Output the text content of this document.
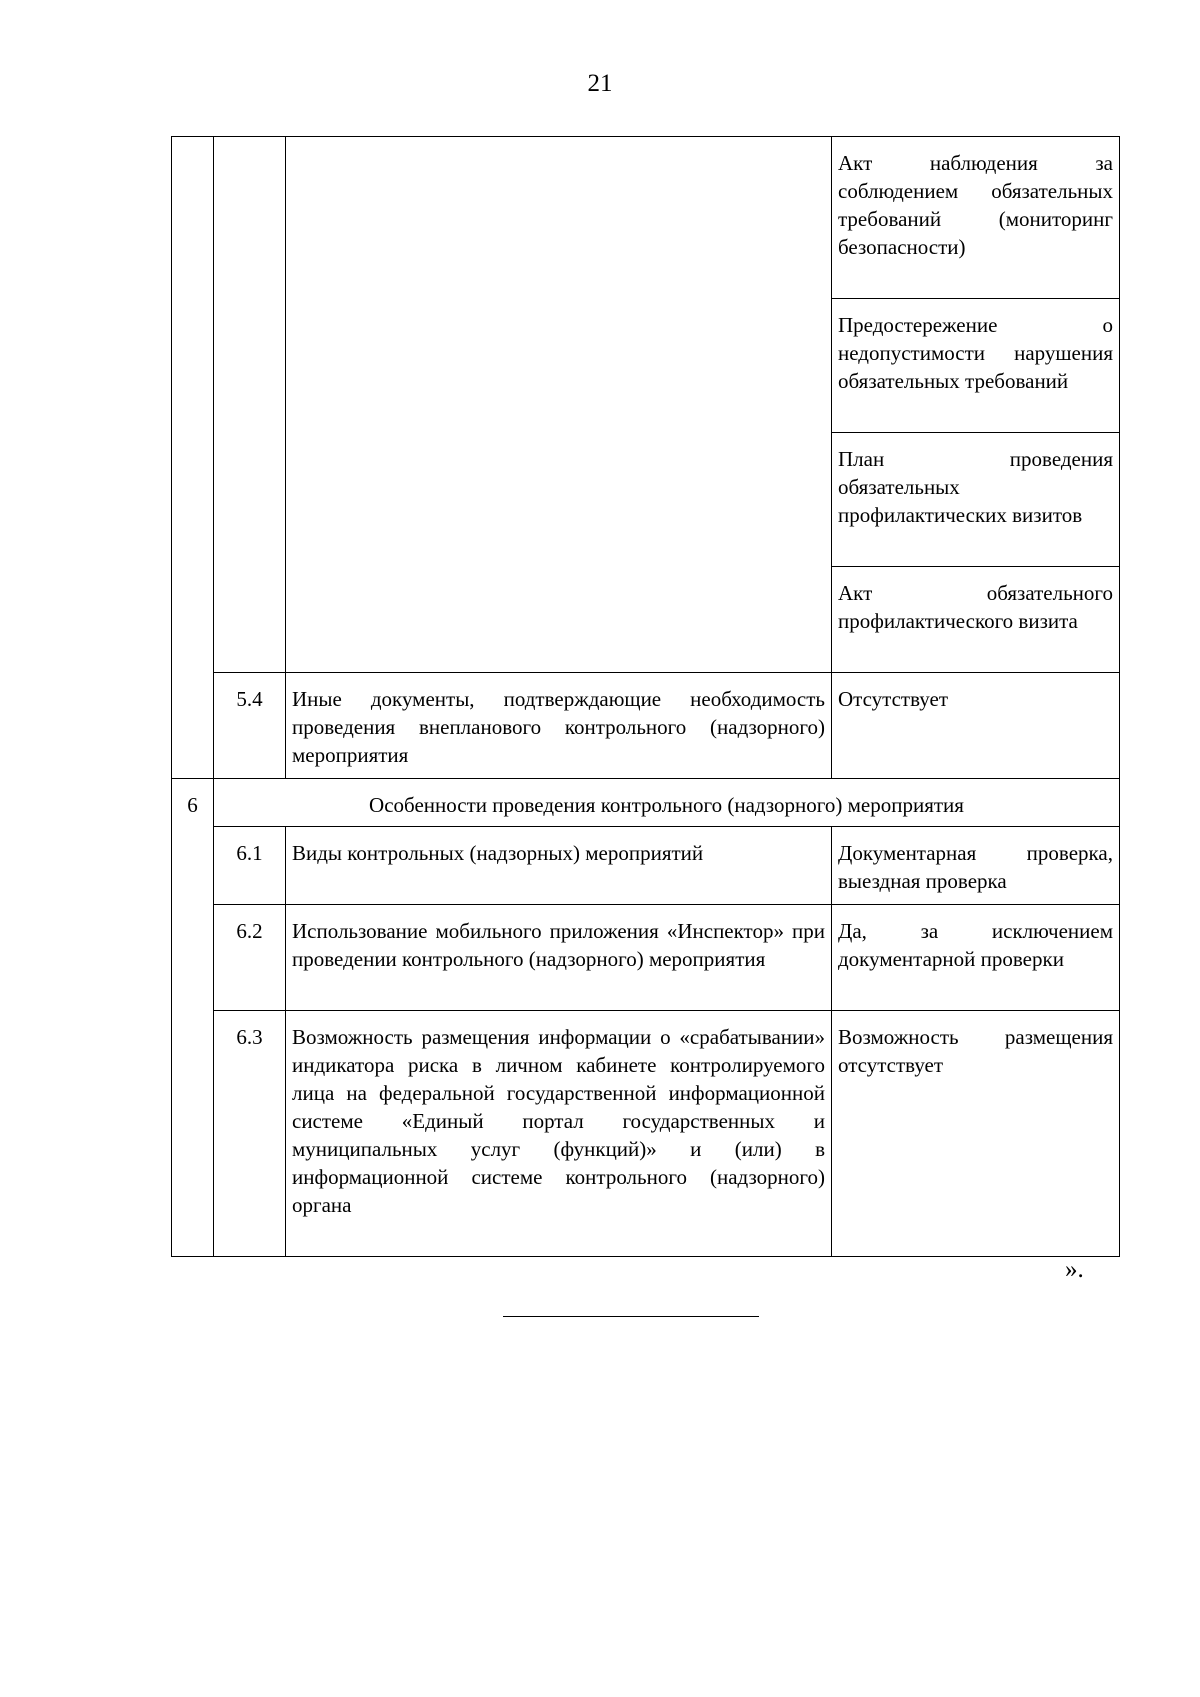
21
			Акт наблюдения за соблюдением обязательных требований (мониторинг безопасности)
			Предостережение о недопустимости нарушения обязательных требований
			План проведения обязательных профилактических визитов
			Акт обязательного профилактического визита
	5.4	Иные документы, подтверждающие необходимость проведения внепланового контрольного (надзорного) мероприятия	Отсутствует
6	Особенности проведения контрольного (надзорного) мероприятия		
	6.1	Виды контрольных (надзорных) мероприятий	Документарная проверка, выездная проверка
	6.2	Использование мобильного приложения «Инспектор» при проведении контрольного (надзорного) мероприятия	Да, за исключением документарной проверки
	6.3	Возможность размещения информации о «срабатывании» индикатора риска в личном кабинете контролируемого лица на федеральной государственной информационной системе «Единый портал государственных и муниципальных услуг (функций)» и (или) в информационной системе контрольного (надзорного) органа	Возможность размещения отсутствует
».
